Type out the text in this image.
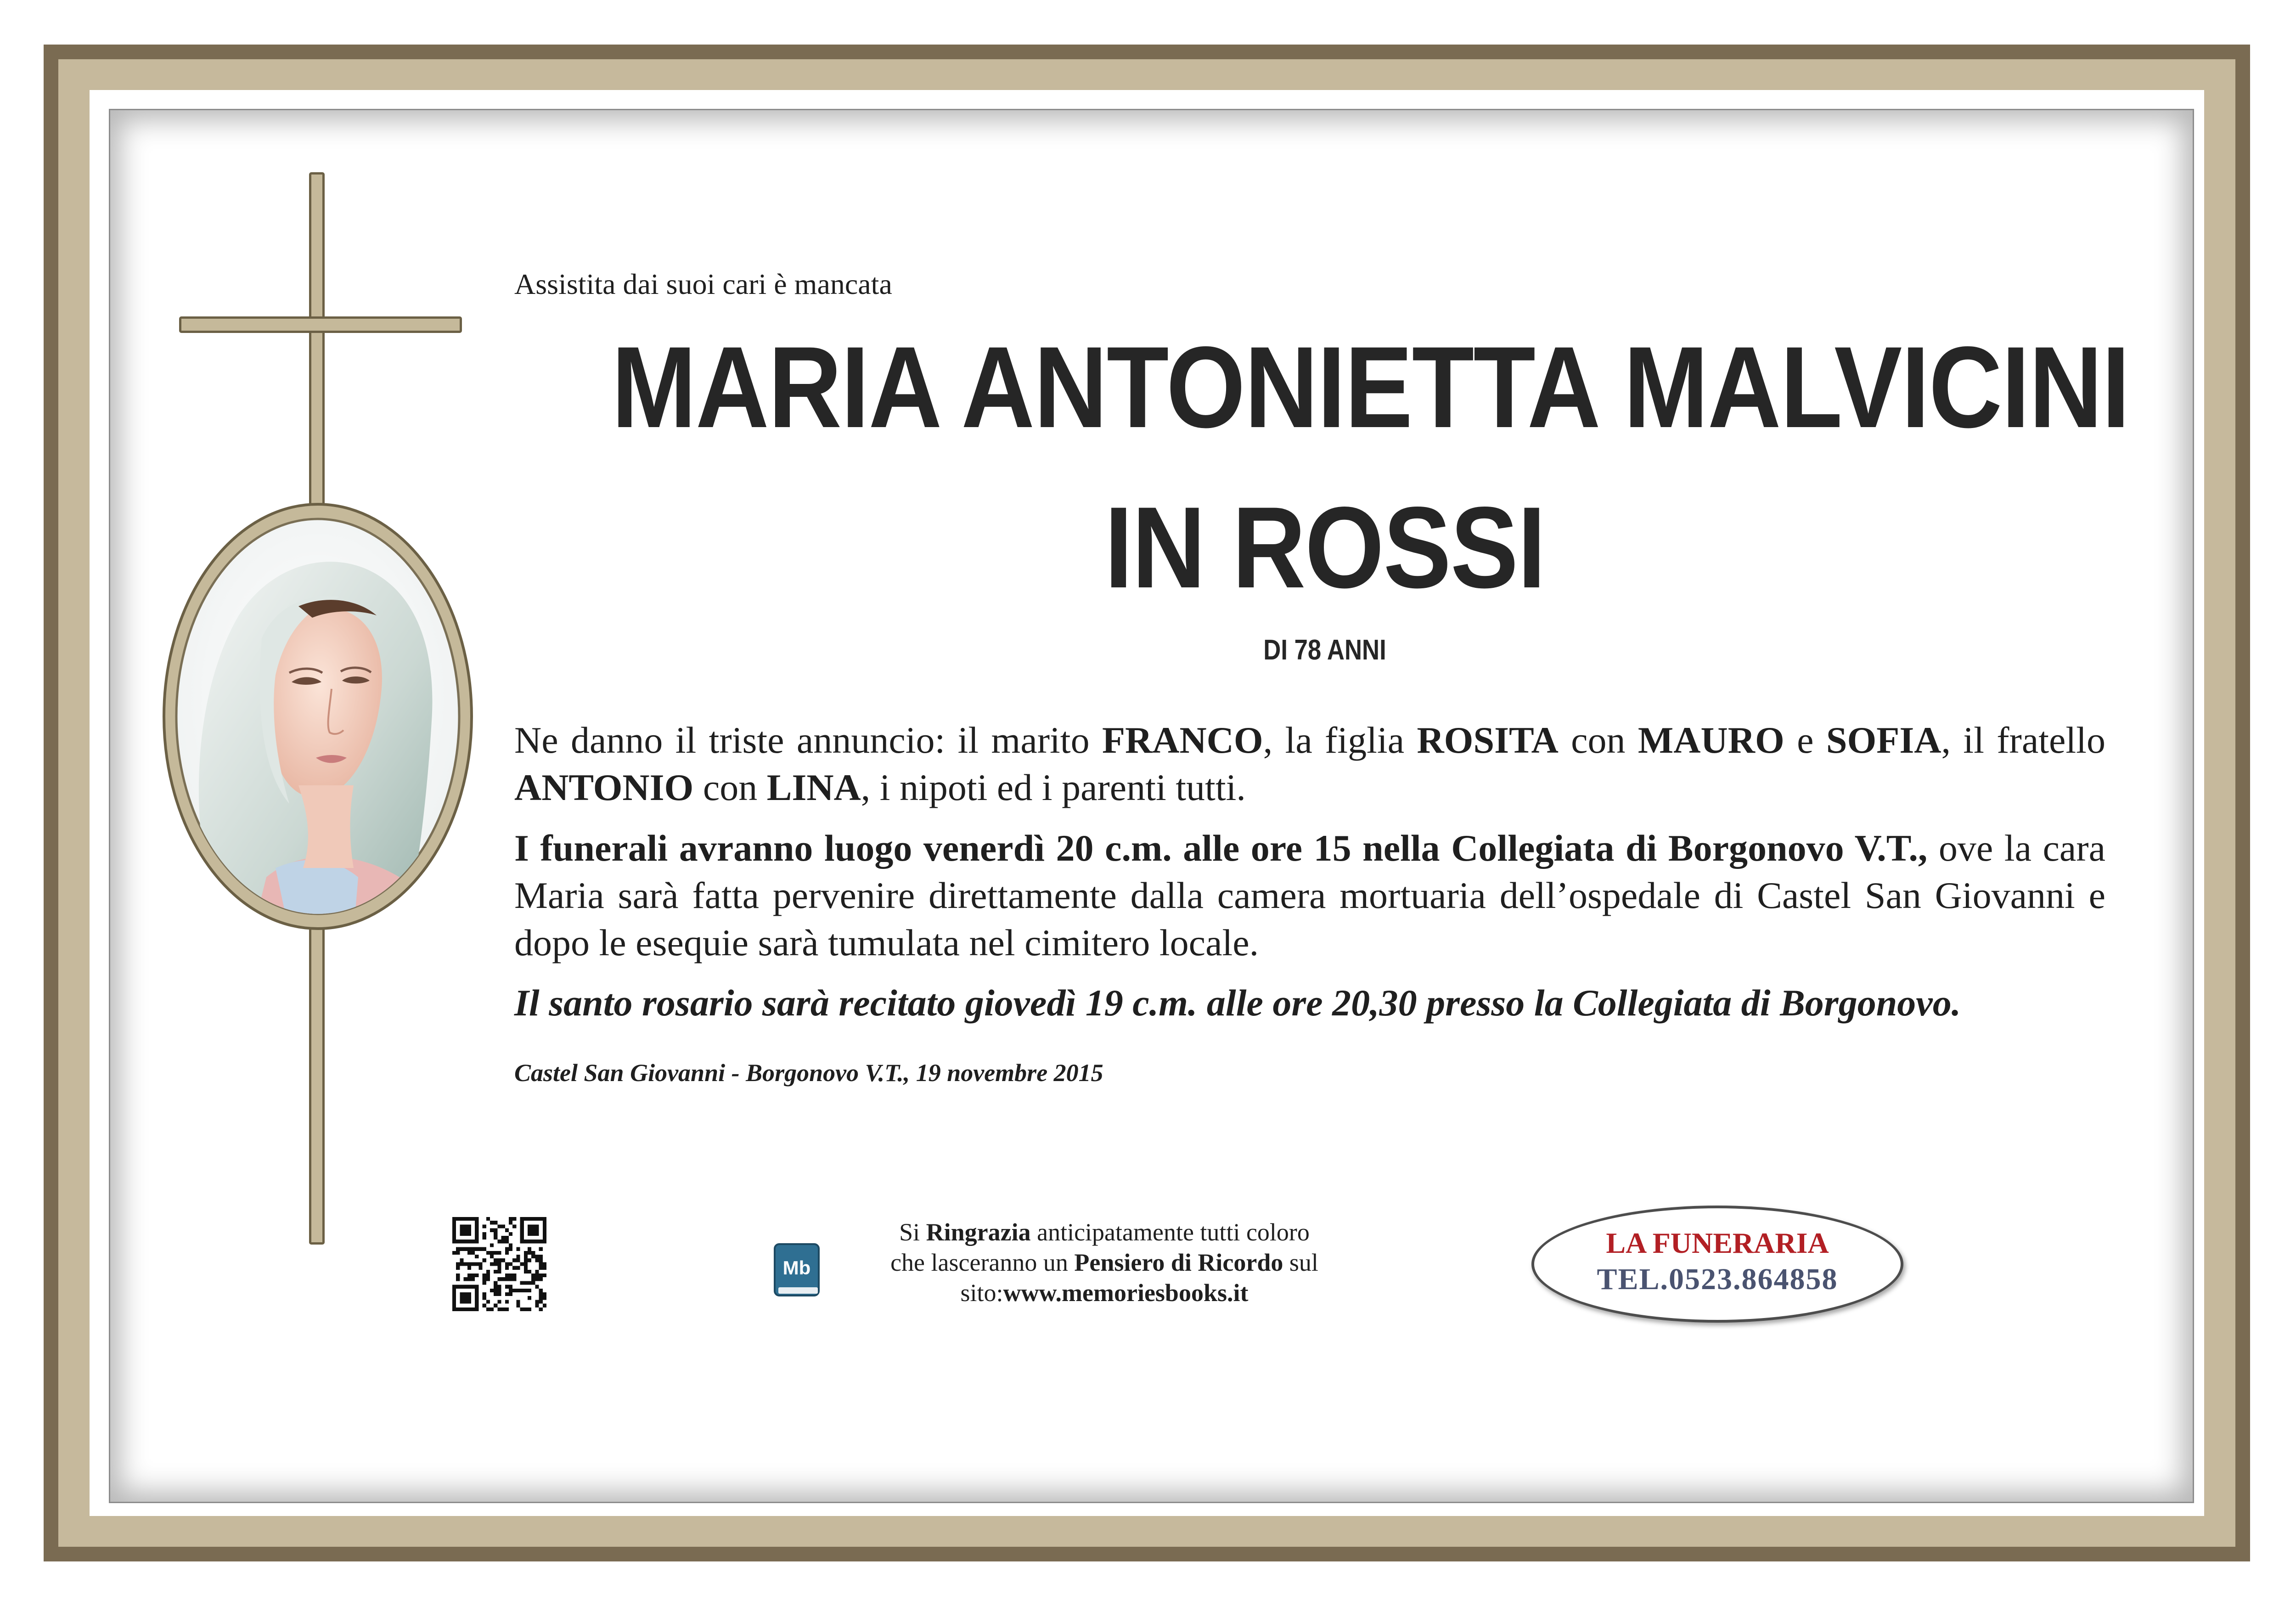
Assistita dai suoi cari è mancata
MARIA ANTONIETTA MALVICINI
IN ROSSI
DI 78 ANNI
Ne danno il triste annuncio: il marito FRANCO, la figlia ROSITA con MAURO e SOFIA, il fratello ANTONIO con LINA, i nipoti ed i parenti tutti.
I funerali avranno luogo venerdì 20 c.m. alle ore 15 nella Collegiata di Borgonovo V.T., ove la cara Maria sarà fatta pervenire direttamente dalla camera mortuaria dell’ospedale di Castel San Giovanni e dopo le esequie sarà tumulata nel cimitero locale.
Il santo rosario sarà recitato giovedì 19 c.m. alle ore 20,30 presso la Collegiata di Borgonovo.
Castel San Giovanni - Borgonovo V.T., 19 novembre 2015
Mb
Si Ringrazia anticipatamente tutti coloro
che lasceranno un Pensiero di Ricordo sul
sito:www.memoriesbooks.it
LA FUNERARIA
TEL.0523.864858
